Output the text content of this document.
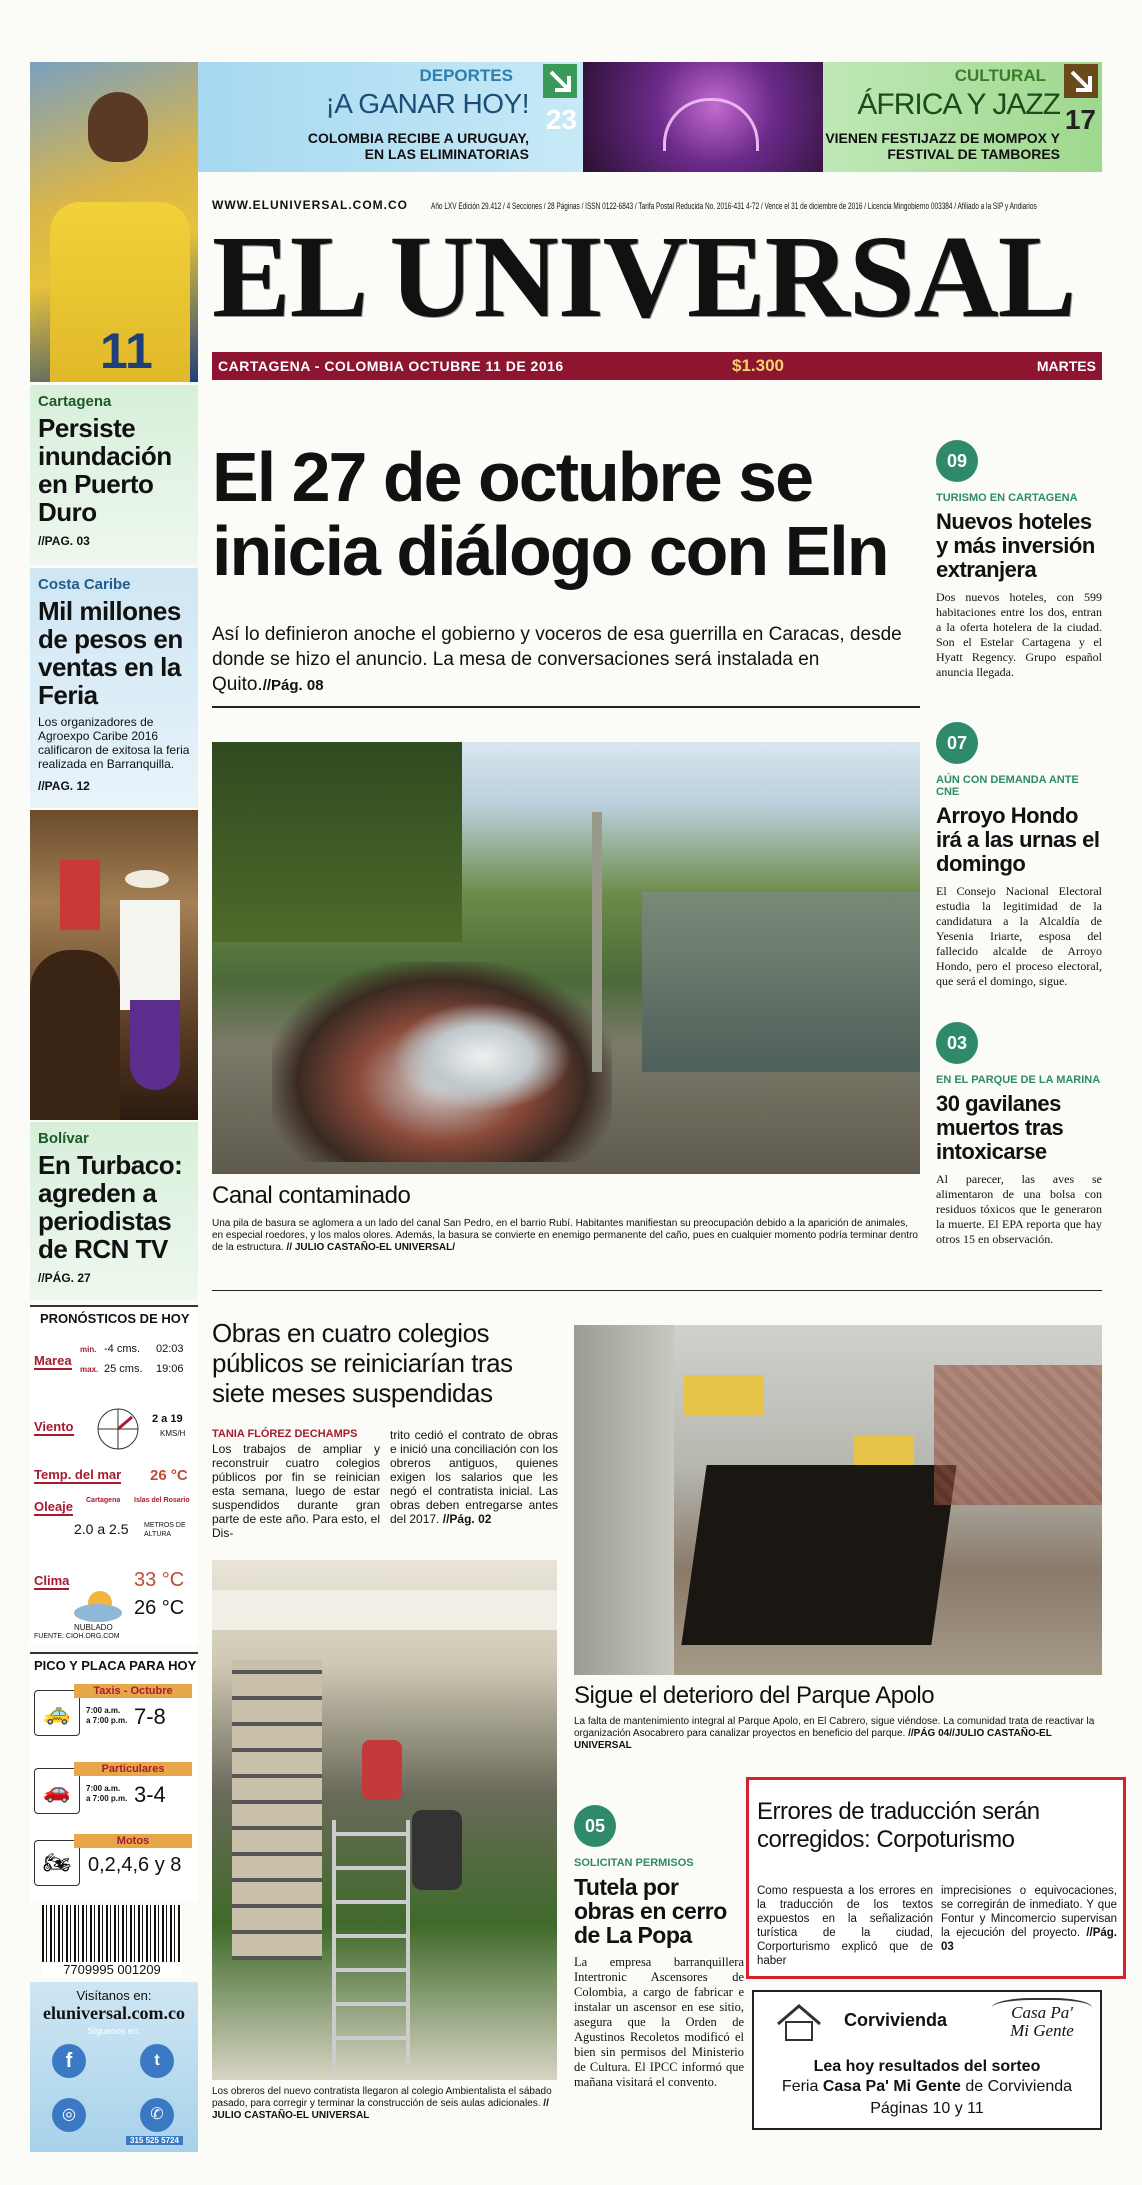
11
DEPORTES
¡A GANAR HOY!
COLOMBIA RECIBE A URUGUAY,
EN LAS ELIMINATORIAS
23
CULTURAL
ÁFRICA Y JAZZ
VIENEN FESTIJAZZ DE MOMPOX Y
FESTIVAL DE TAMBORES
17
WWW.ELUNIVERSAL.COM.CO	Año LXV Edición 29.412 / 4 Secciones / 28 Páginas / ISSN 0122-6843 / Tarifa Postal Reducida No. 2016-431 4-72 / Vence el 31 de diciembre de 2016 / Licencia Mingobierno 003384 / Afiliado a la SIP y Andiarios
EL UNIVERSAL
CARTAGENA - COLOMBIA OCTUBRE 11 DE 2016	$1.300	MARTES
Cartagena
Persiste inundación en Puerto Duro
//PAG. 03
Costa Caribe
Mil millones de pesos en ventas en la Feria
Los organizadores de Agroexpo Caribe 2016 calificaron de exitosa la feria realizada en Barranquilla.
//PAG. 12
Bolívar
En Turbaco: agreden a periodistas de RCN TV
//PÁG. 27
PRONÓSTICOS DE HOY
Marea
min. -4 cms. 02:03
max. 25 cms. 19:06
Viento	2 a 19
KMS/H
Temp. del mar 26 °C
Oleaje Cartagena Islas del Rosario
2.0 a 2.5 METROS DE ALTURA
Clima	33 °C
26 °C
NUBLADO
FUENTE: CIOH.ORG.COM
PICO Y PLACA PARA HOY
🚕
Taxis - Octubre
7:00 a.m.
a 7:00 p.m. 7-8
🚗
Particulares
7:00 a.m.
a 7:00 p.m. 3-4
🏍
Motos
0,2,4,6 y 8
7709995 001209
Visítanos en:
eluniversal.com.co
Síguenos en:
f	t
◎	✆
315 525 5724
El 27 de octubre se
inicia diálogo con Eln
Así lo definieron anoche el gobierno y voceros de esa guerrilla en Caracas, desde donde se hizo el anuncio. La mesa de conversaciones será instalada en Quito.//Pág. 08
Canal contaminado
Una pila de basura se aglomera a un lado del canal San Pedro, en el barrio Rubí. Habitantes manifiestan su preocupación debido a la aparición de animales, en especial roedores, y los malos olores. Además, la basura se convierte en enemigo permanente del caño, pues en cualquier momento podría terminar dentro de la estructura. // JULIO CASTAÑO-EL UNIVERSAL/
09
TURISMO EN CARTAGENA
Nuevos hoteles y más inversión extranjera
Dos nuevos hoteles, con 599 habitaciones entre los dos, entran a la oferta hotelera de la ciudad. Son el Estelar Cartagena y el Hyatt Regency. Grupo español anuncia llegada.
07
AÚN CON DEMANDA ANTE CNE
Arroyo Hondo irá a las urnas el domingo
El Consejo Nacional Electoral estudia la legitimidad de la candidatura a la Alcaldía de Yesenia Iriarte, esposa del fallecido alcalde de Arroyo Hondo, pero el proceso electoral, que será el domingo, sigue.
03
EN EL PARQUE DE LA MARINA
30 gavilanes muertos tras intoxicarse
Al parecer, las aves se alimentaron de una bolsa con residuos tóxicos que le generaron la muerte. El EPA reporta que hay otros 15 en observación.
Obras en cuatro colegios públicos se reiniciarían tras siete meses suspendidas
TANIA FLÓREZ DECHAMPS
Los trabajos de ampliar y reconstruir cuatro colegios públicos por fin se reinician esta semana, luego de estar suspendidos durante gran parte de este año. Para esto, el Dis-
trito cedió el contrato de obras e inició una conciliación con los obreros antiguos, quienes exigen los salarios que les negó el contratista inicial. Las obras deben entregarse antes del 2017. //Pág. 02
Los obreros del nuevo contratista llegaron al colegio Ambientalista el sábado pasado, para corregir y terminar la construcción de seis aulas adicionales. // JULIO CASTAÑO-EL UNIVERSAL
Sigue el deterioro del Parque Apolo
La falta de mantenimiento integral al Parque Apolo, en El Cabrero, sigue viéndose. La comunidad trata de reactivar la organización Asocabrero para canalizar proyectos en beneficio del parque. //PÁG 04//JULIO CASTAÑO-EL UNIVERSAL
05
SOLICITAN PERMISOS
Tutela por obras en cerro de La Popa
La empresa barranquillera Intertronic Ascensores de Colombia, a cargo de fabricar e instalar un ascensor en ese sitio, asegura que la Orden de Agustinos Recoletos modificó el bien sin permisos del Ministerio de Cultura. El IPCC informó que mañana visitará el convento.
Errores de traducción serán corregidos: Corpoturismo
Como respuesta a los errores en la traducción de los textos expuestos en la señalización turística de la ciudad, Corporturismo explicó que de haber
imprecisiones o equivocaciones, se corregirán de inmediato. Y que Fontur y Mincomercio supervisan la ejecución del proyecto. //Pág. 03
Corvivienda	Casa Pa'
Mi Gente
Lea hoy resultados del sorteo
Feria Casa Pa' Mi Gente de Corvivienda
Páginas 10 y 11
